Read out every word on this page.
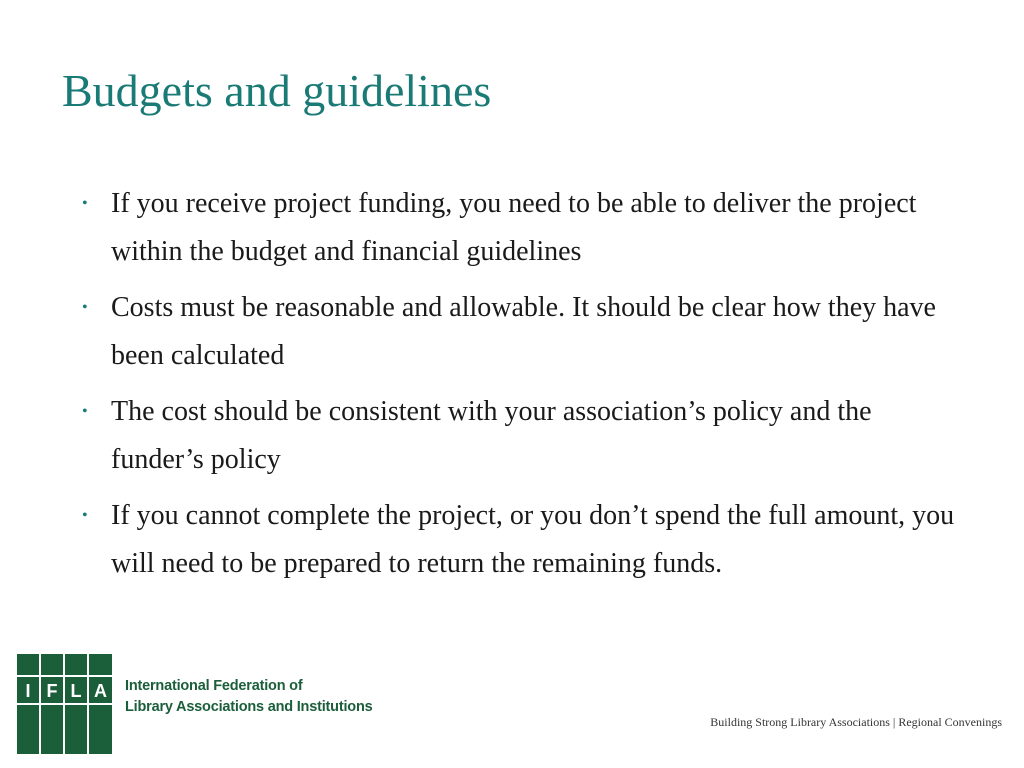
Budgets and guidelines
• If you receive project funding, you need to be able to deliver the project within the budget and financial guidelines
• Costs must be reasonable and allowable. It should be clear how they have been calculated
• The cost should be consistent with your association’s policy and the funder’s policy
• If you cannot complete the project, or you don’t spend the full amount, you will need to be prepared to return the remaining funds.
I F L A International Federation of
Library Associations and Institutions
Building Strong Library Associations | Regional Convenings
